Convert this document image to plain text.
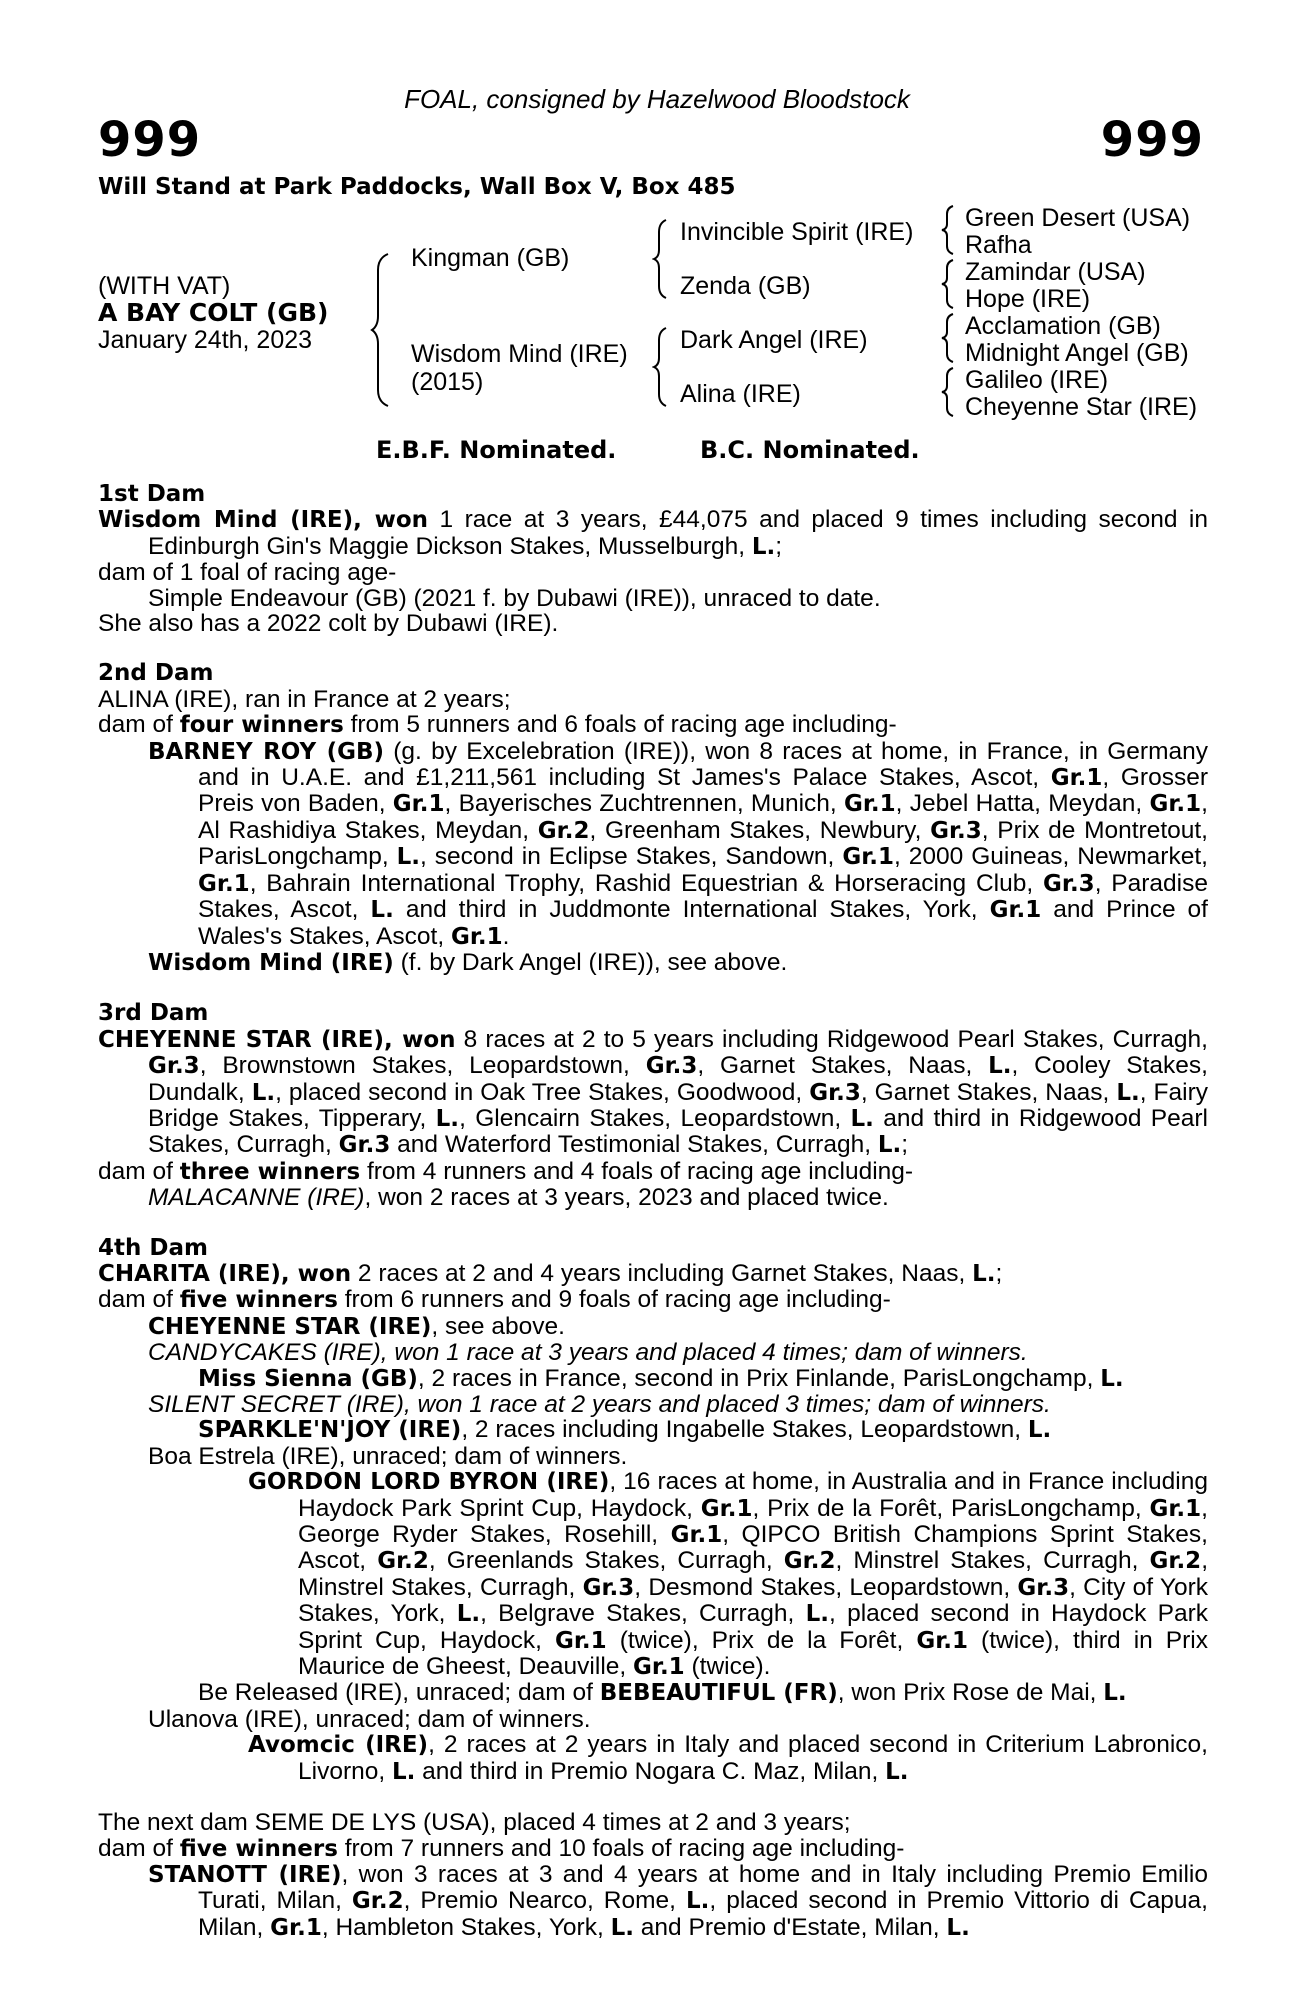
FOAL, consigned by Hazelwood Bloodstock
999	999
Will Stand at Park Paddocks, Wall Box V, Box 485
(WITH VAT)
A BAY COLT (GB)
January 24th, 2023
Kingman (GB)
Wisdom Mind (IRE)
(2015)
Invincible Spirit (IRE)
Zenda (GB)
Dark Angel (IRE)
Alina (IRE)
Green Desert (USA)
Rafha
Zamindar (USA)
Hope (IRE)
Acclamation (GB)
Midnight Angel (GB)
Galileo (IRE)
Cheyenne Star (IRE)
E.B.F. Nominated.	B.C. Nominated.
1st Dam
Wisdom Mind (IRE), won 1 race at 3 years, £44,075 and placed 9 times including second in Edinburgh Gin's Maggie Dickson Stakes, Musselburgh, L.;
dam of 1 foal of racing age-
Simple Endeavour (GB) (2021 f. by Dubawi (IRE)), unraced to date.
She also has a 2022 colt by Dubawi (IRE).
2nd Dam
ALINA (IRE), ran in France at 2 years;
dam of four winners from 5 runners and 6 foals of racing age including-
BARNEY ROY (GB) (g. by Excelebration (IRE)), won 8 races at home, in France, in Germany and in U.A.E. and £1,211,561 including St James's Palace Stakes, Ascot, Gr.1, Grosser Preis von Baden, Gr.1, Bayerisches Zuchtrennen, Munich, Gr.1, Jebel Hatta, Meydan, Gr.1, Al Rashidiya Stakes, Meydan, Gr.2, Greenham Stakes, Newbury, Gr.3, Prix de Montretout, ParisLongchamp, L., second in Eclipse Stakes, Sandown, Gr.1, 2000 Guineas, Newmarket, Gr.1, Bahrain International Trophy, Rashid Equestrian & Horseracing Club, Gr.3, Paradise Stakes, Ascot, L. and third in Juddmonte International Stakes, York, Gr.1 and Prince of Wales's Stakes, Ascot, Gr.1.
Wisdom Mind (IRE) (f. by Dark Angel (IRE)), see above.
3rd Dam
CHEYENNE STAR (IRE), won 8 races at 2 to 5 years including Ridgewood Pearl Stakes, Curragh, Gr.3, Brownstown Stakes, Leopardstown, Gr.3, Garnet Stakes, Naas, L., Cooley Stakes, Dundalk, L., placed second in Oak Tree Stakes, Goodwood, Gr.3, Garnet Stakes, Naas, L., Fairy Bridge Stakes, Tipperary, L., Glencairn Stakes, Leopardstown, L. and third in Ridgewood Pearl Stakes, Curragh, Gr.3 and Waterford Testimonial Stakes, Curragh, L.;
dam of three winners from 4 runners and 4 foals of racing age including-
MALACANNE (IRE), won 2 races at 3 years, 2023 and placed twice.
4th Dam
CHARITA (IRE), won 2 races at 2 and 4 years including Garnet Stakes, Naas, L.;
dam of five winners from 6 runners and 9 foals of racing age including-
CHEYENNE STAR (IRE), see above.
CANDYCAKES (IRE), won 1 race at 3 years and placed 4 times; dam of winners.
Miss Sienna (GB), 2 races in France, second in Prix Finlande, ParisLongchamp, L.
SILENT SECRET (IRE), won 1 race at 2 years and placed 3 times; dam of winners.
SPARKLE'N'JOY (IRE), 2 races including Ingabelle Stakes, Leopardstown, L.
Boa Estrela (IRE), unraced; dam of winners.
GORDON LORD BYRON (IRE), 16 races at home, in Australia and in France including Haydock Park Sprint Cup, Haydock, Gr.1, Prix de la Forêt, ParisLongchamp, Gr.1, George Ryder Stakes, Rosehill, Gr.1, QIPCO British Champions Sprint Stakes, Ascot, Gr.2, Greenlands Stakes, Curragh, Gr.2, Minstrel Stakes, Curragh, Gr.2, Minstrel Stakes, Curragh, Gr.3, Desmond Stakes, Leopardstown, Gr.3, City of York Stakes, York, L., Belgrave Stakes, Curragh, L., placed second in Haydock Park Sprint Cup, Haydock, Gr.1 (twice), Prix de la Forêt, Gr.1 (twice), third in Prix Maurice de Gheest, Deauville, Gr.1 (twice).
Be Released (IRE), unraced; dam of BEBEAUTIFUL (FR), won Prix Rose de Mai, L.
Ulanova (IRE), unraced; dam of winners.
Avomcic (IRE), 2 races at 2 years in Italy and placed second in Criterium Labronico, Livorno, L. and third in Premio Nogara C. Maz, Milan, L.
The next dam SEME DE LYS (USA), placed 4 times at 2 and 3 years;
dam of five winners from 7 runners and 10 foals of racing age including-
STANOTT (IRE), won 3 races at 3 and 4 years at home and in Italy including Premio Emilio Turati, Milan, Gr.2, Premio Nearco, Rome, L., placed second in Premio Vittorio di Capua, Milan, Gr.1, Hambleton Stakes, York, L. and Premio d'Estate, Milan, L.
